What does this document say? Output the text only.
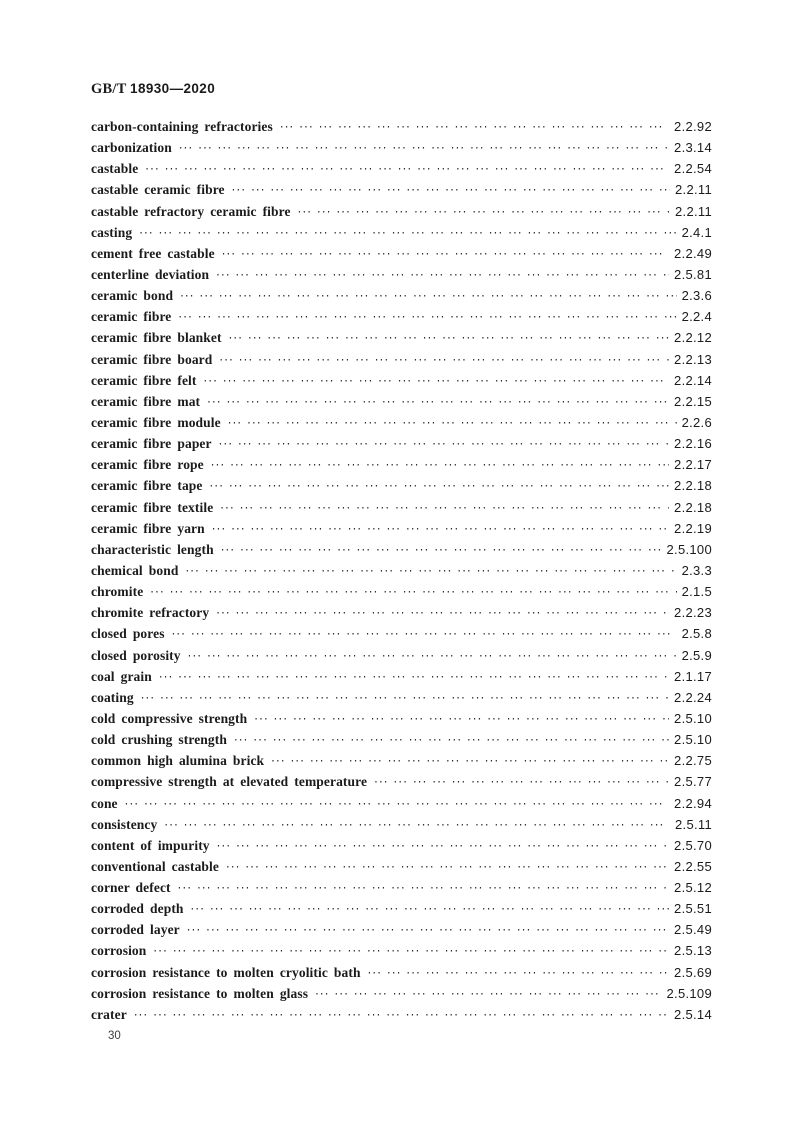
GB/T 18930—2020
carbon-containing refractories ··· ·	2.2.92
carbonization ··· ·	2.3.14
castable ··· ·	2.2.54
castable ceramic fibre ··· ·	2.2.11
castable refractory ceramic fibre ··· ·	2.2.11
casting ··· ·	2.4.1
cement free castable ··· ·	2.2.49
centerline deviation ··· ·	2.5.81
ceramic bond ··· ·	2.3.6
ceramic fibre ··· ·	2.2.4
ceramic fibre blanket ··· ·	2.2.12
ceramic fibre board ··· ·	2.2.13
ceramic fibre felt ··· ·	2.2.14
ceramic fibre mat ··· ·	2.2.15
ceramic fibre module ··· ·	2.2.6
ceramic fibre paper ··· ·	2.2.16
ceramic fibre rope ··· ·	2.2.17
ceramic fibre tape ··· ·	2.2.18
ceramic fibre textile ··· ·	2.2.18
ceramic fibre yarn ··· ·	2.2.19
characteristic length ··· ·	2.5.100
chemical bond ··· ·	2.3.3
chromite ··· ·	2.1.5
chromite refractory ··· ·	2.2.23
closed pores ··· ·	2.5.8
closed porosity ··· ·	2.5.9
coal grain ··· ·	2.1.17
coating ··· ·	2.2.24
cold compressive strength ··· ·	2.5.10
cold crushing strength ··· ·	2.5.10
common high alumina brick ··· ·	2.2.75
compressive strength at elevated temperature ··· ·	2.5.77
cone ··· ·	2.2.94
consistency ··· ·	2.5.11
content of impurity ··· ·	2.5.70
conventional castable ··· ·	2.2.55
corner defect ··· ·	2.5.12
corroded depth ··· ·	2.5.51
corroded layer ··· ·	2.5.49
corrosion ··· ·	2.5.13
corrosion resistance to molten cryolitic bath ··· ·	2.5.69
corrosion resistance to molten glass ··· ·	2.5.109
crater ··· ·	2.5.14
30
